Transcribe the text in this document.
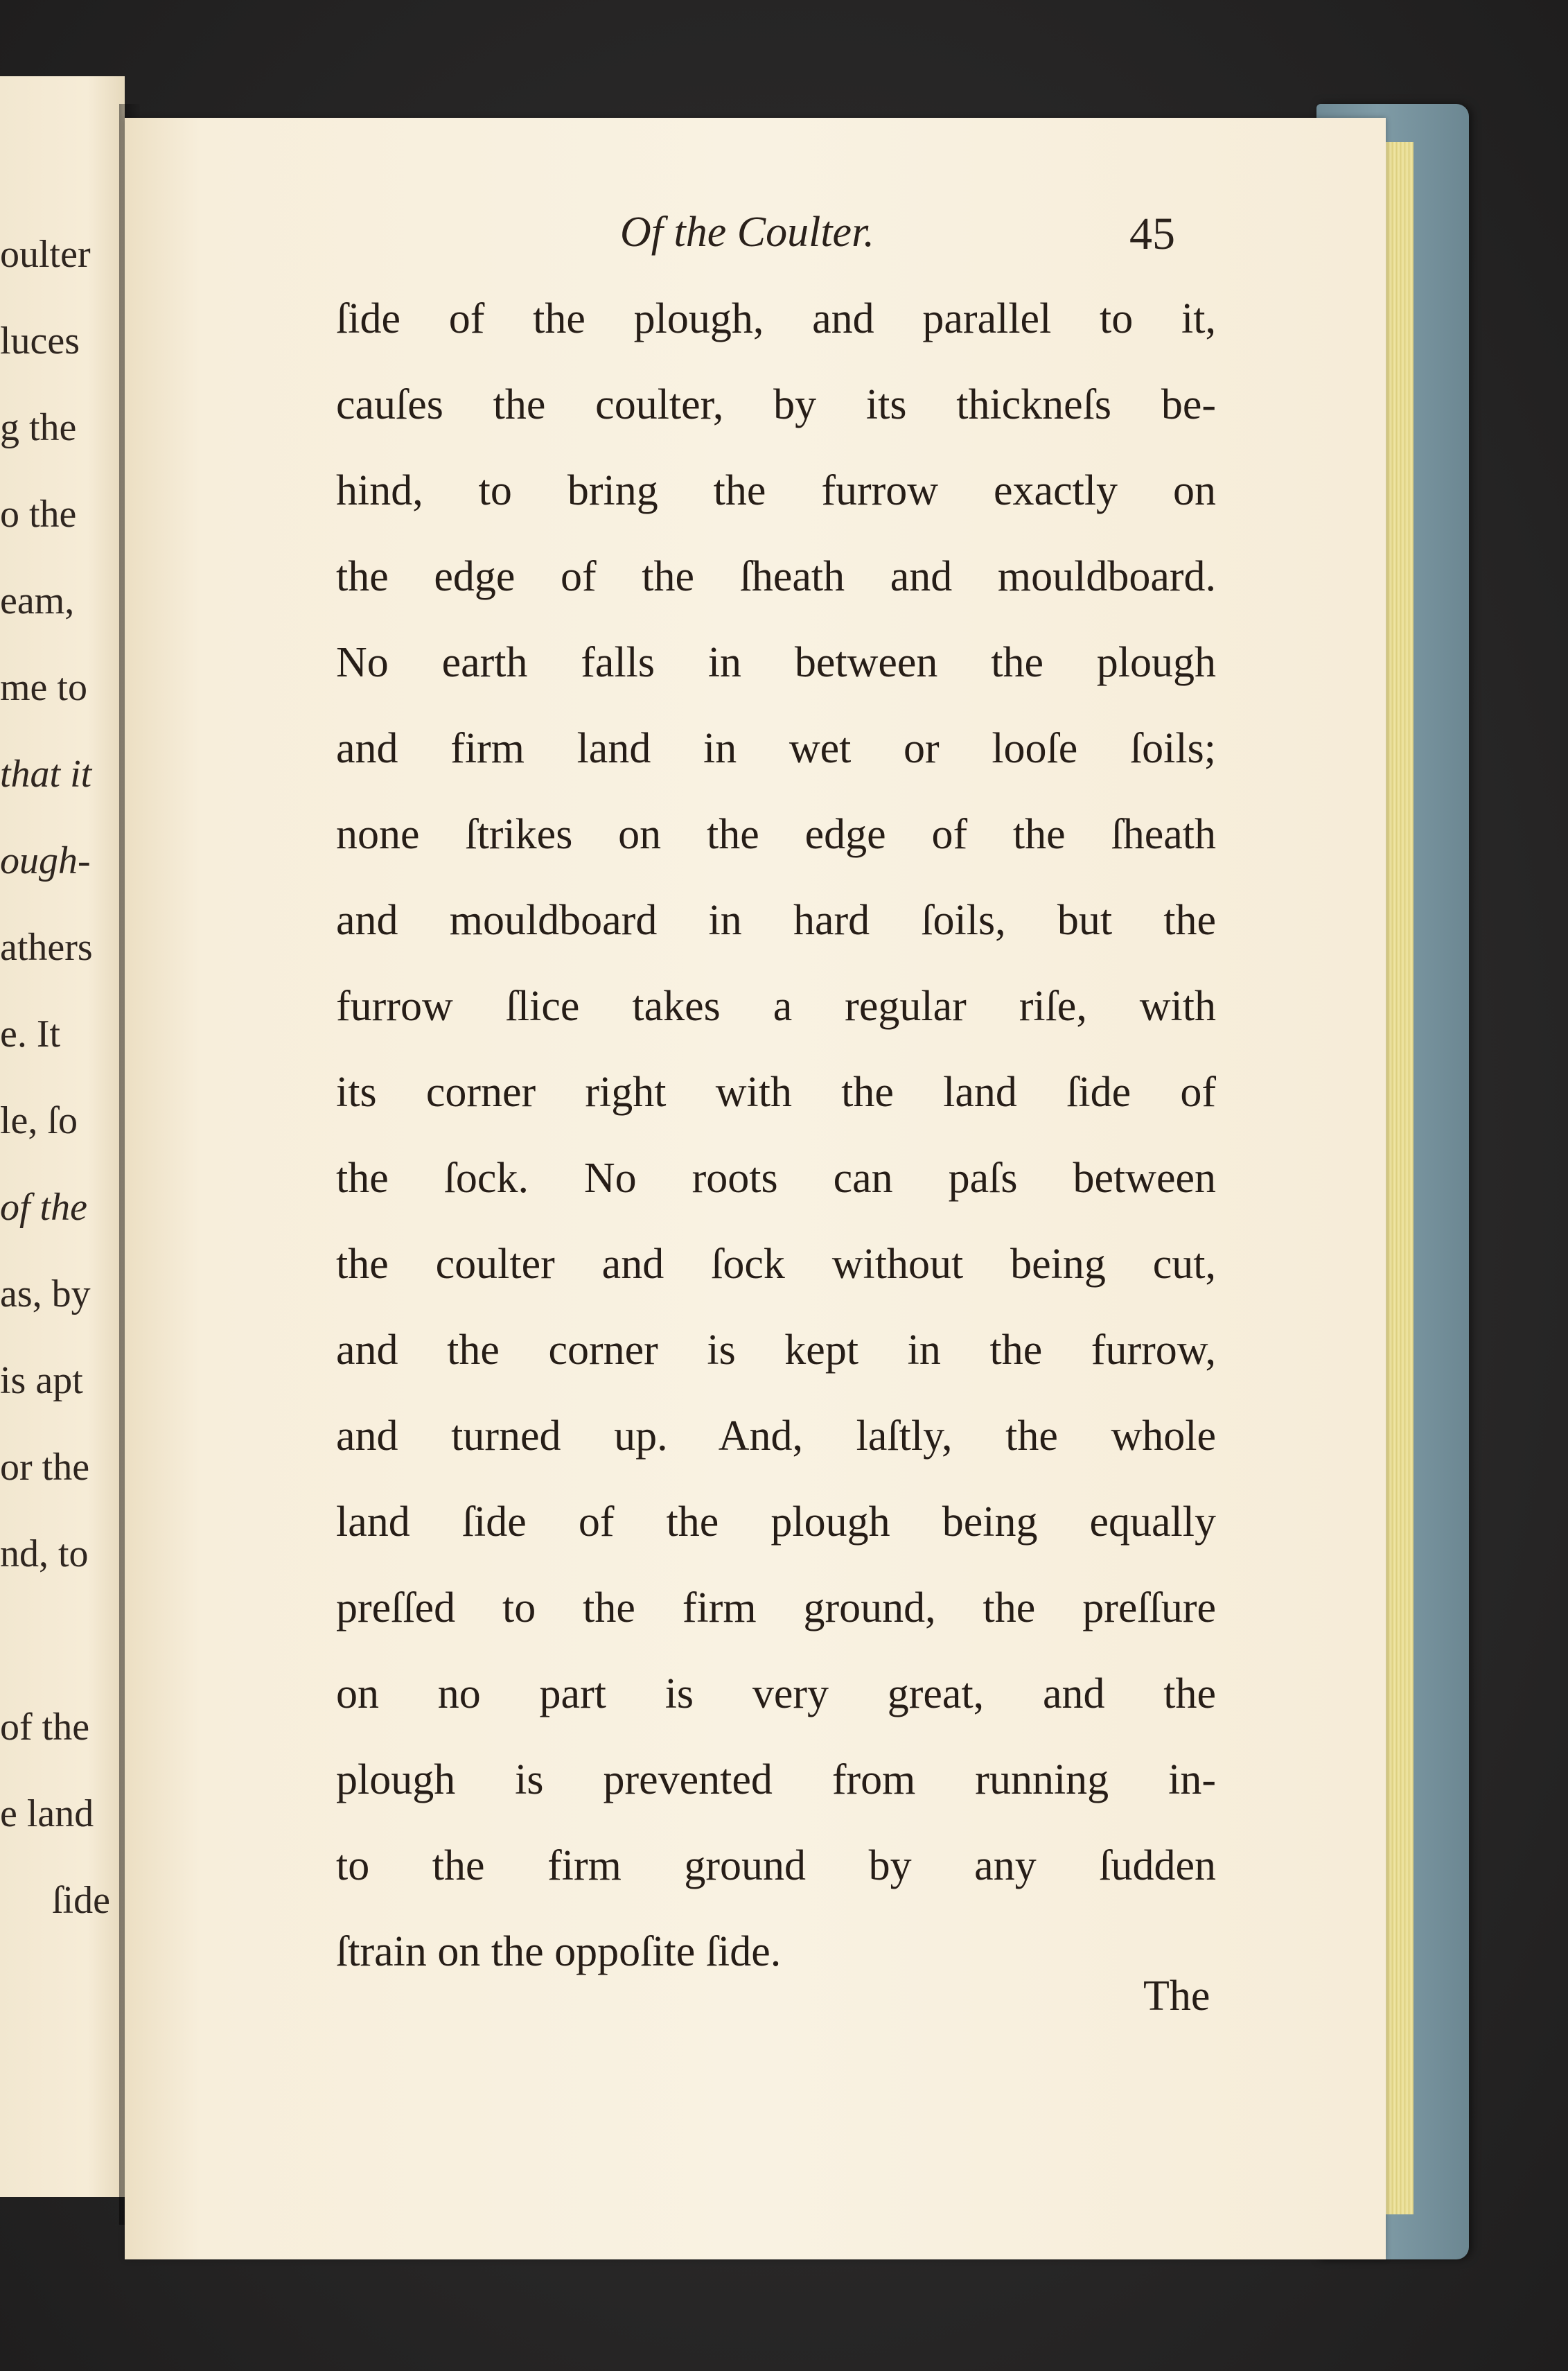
oulter
luces
g the
o the
eam,
me to
that it
ough-
athers
e. It
le, ſo
of the
as, by
is apt
or the
nd, to
of the
e land
ſide
Of the Coulter.	45
ſide of the plough, and parallel to it,
cauſes the coulter, by its thickneſs be-
hind, to bring the furrow exactly on
the edge of the ſheath and mouldboard.
No earth falls in between the plough
and firm land in wet or looſe ſoils;
none ſtrikes on the edge of the ſheath
and mouldboard in hard ſoils, but the
furrow ſlice takes a regular riſe, with
its corner right with the land ſide of
the ſock. No roots can paſs between
the coulter and ſock without being cut,
and the corner is kept in the furrow,
and turned up. And, laſtly, the whole
land ſide of the plough being equally
preſſed to the firm ground, the preſſure
on no part is very great, and the
plough is prevented from running in-
to the firm ground by any ſudden
ſtrain on the oppoſite ſide.
The
